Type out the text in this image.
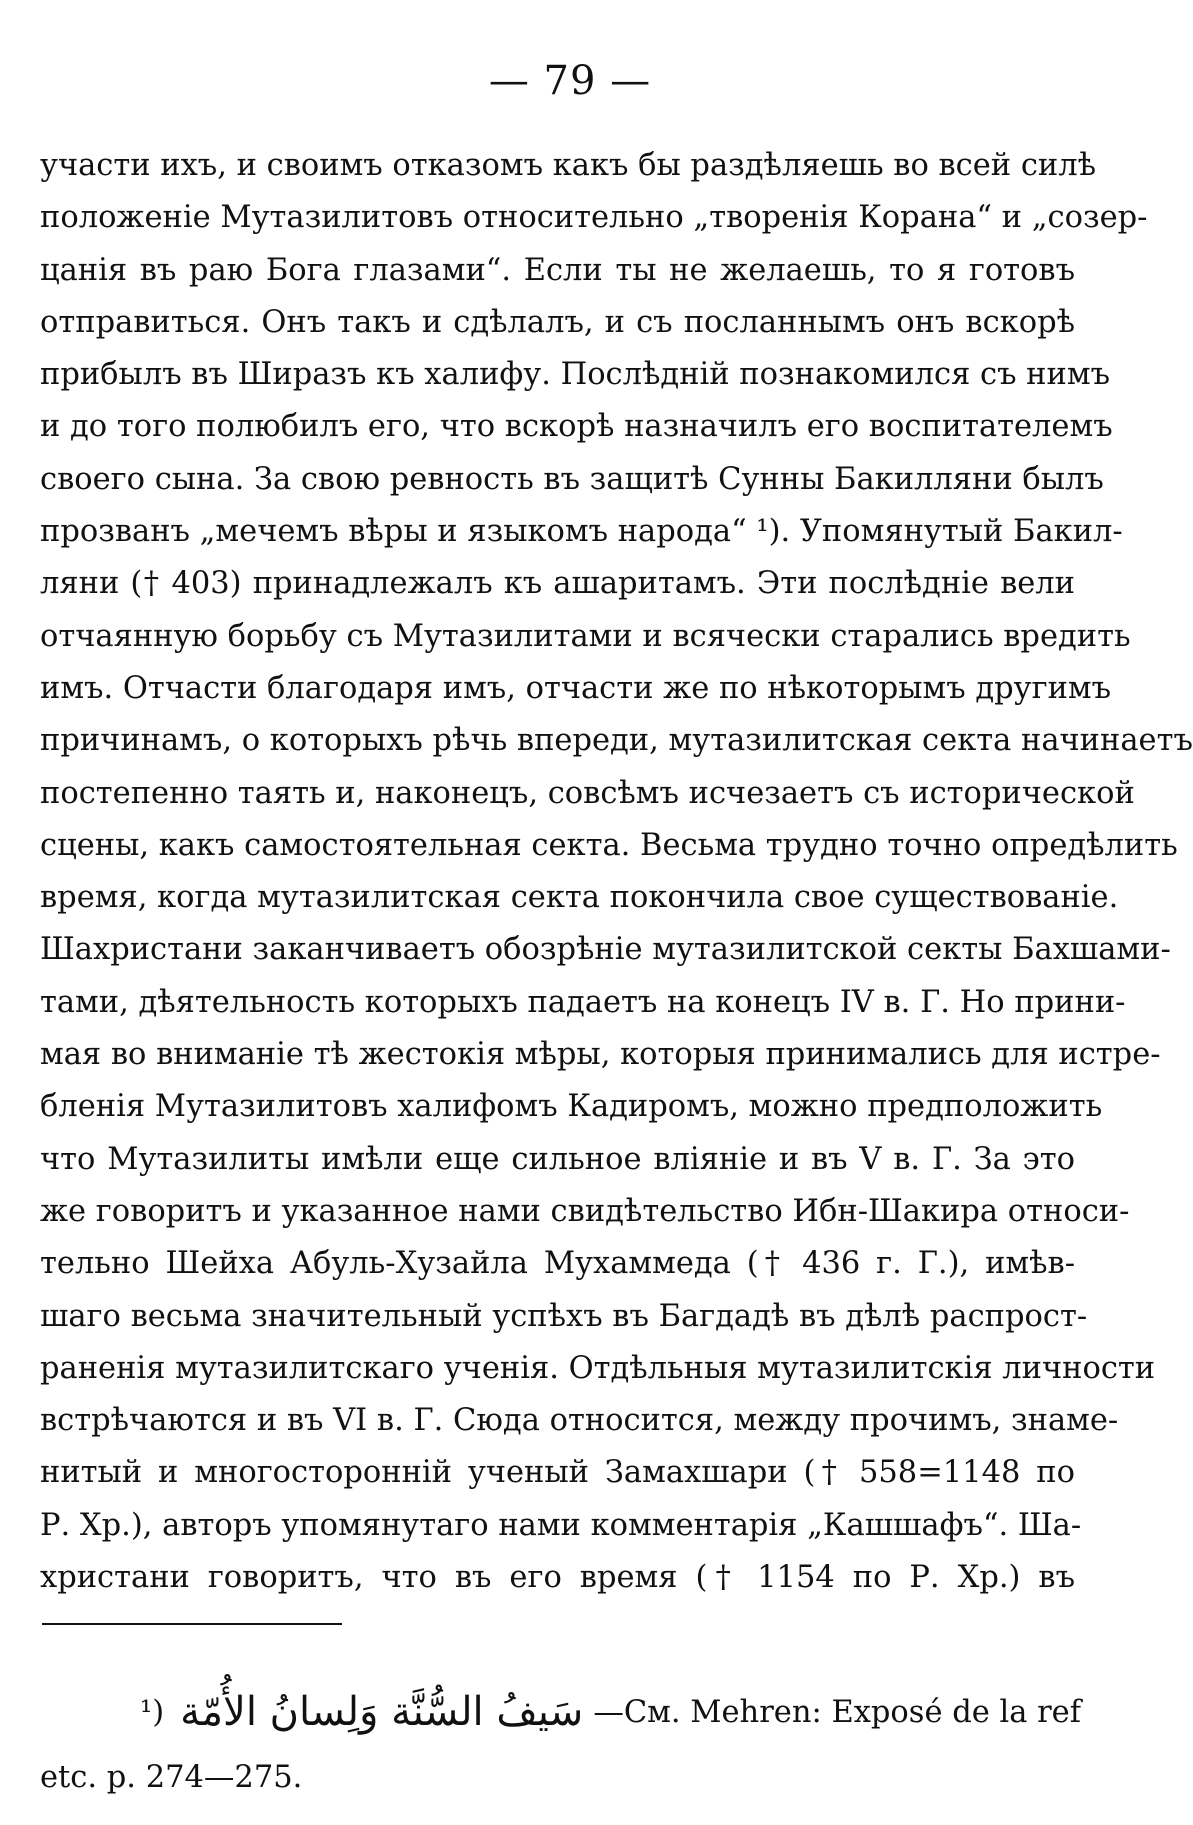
— 79 —
участи ихъ, и своимъ отказомъ какъ бы раздѣляешь во всей силѣ
положеніе Мутазилитовъ относительно „творенія Корана“ и „созер-
цанія въ раю Бога глазами“. Если ты не желаешь, то я готовъ
отправиться. Онъ такъ и сдѣлалъ, и съ посланнымъ онъ вскорѣ
прибылъ въ Ширазъ къ халифу. Послѣдній познакомился съ нимъ
и до того полюбилъ его, что вскорѣ назначилъ его воспитателемъ
своего сына. За свою ревность въ защитѣ Сунны Бакилляни былъ
прозванъ „мечемъ вѣры и языкомъ народа“ ¹). Упомянутый Бакил-
ляни († 403) принадлежалъ къ ашаритамъ. Эти послѣдніе вели
отчаянную борьбу съ Мутазилитами и всячески старались вредить
имъ. Отчасти благодаря имъ, отчасти же по нѣкоторымъ другимъ
причинамъ, о которыхъ рѣчь впереди, мутазилитская секта начинаетъ
постепенно таять и, наконецъ, совсѣмъ исчезаетъ съ исторической
сцены, какъ самостоятельная секта. Весьма трудно точно опредѣлить
время, когда мутазилитская секта покончила свое существованіе.
Шахристани заканчиваетъ обозрѣніе мутазилитской секты Бахшами-
тами, дѣятельность которыхъ падаетъ на конецъ IV в. Г. Но прини-
мая во вниманіе тѣ жестокія мѣры, которыя принимались для истре-
бленія Мутазилитовъ халифомъ Кадиромъ, можно предположить
что Мутазилиты имѣли еще сильное вліяніе и въ V в. Г. За это
же говоритъ и указанное нами свидѣтельство Ибн-Шакира относи-
тельно Шейха Абуль-Хузайла Мухаммеда († 436 г. Г.), имѣв-
шаго весьма значительный успѣхъ въ Багдадѣ въ дѣлѣ распрост-
раненія мутазилитскаго ученія. Отдѣльныя мутазилитскія личности
встрѣчаются и въ VI в. Г. Сюда относится, между прочимъ, знаме-
нитый и многосторонній ученый Замахшари († 558=1148 по
Р. Хр.), авторъ упомянутаго нами комментарія „Кашшафъ“. Ша-
христани говоритъ, что въ его время († 1154 по Р. Хр.) въ
¹) سَيفُ السُّنَّة وَلِسانُ الأُمّة —См. Mehren: Exposé de la ref
etc. p. 274—275.
